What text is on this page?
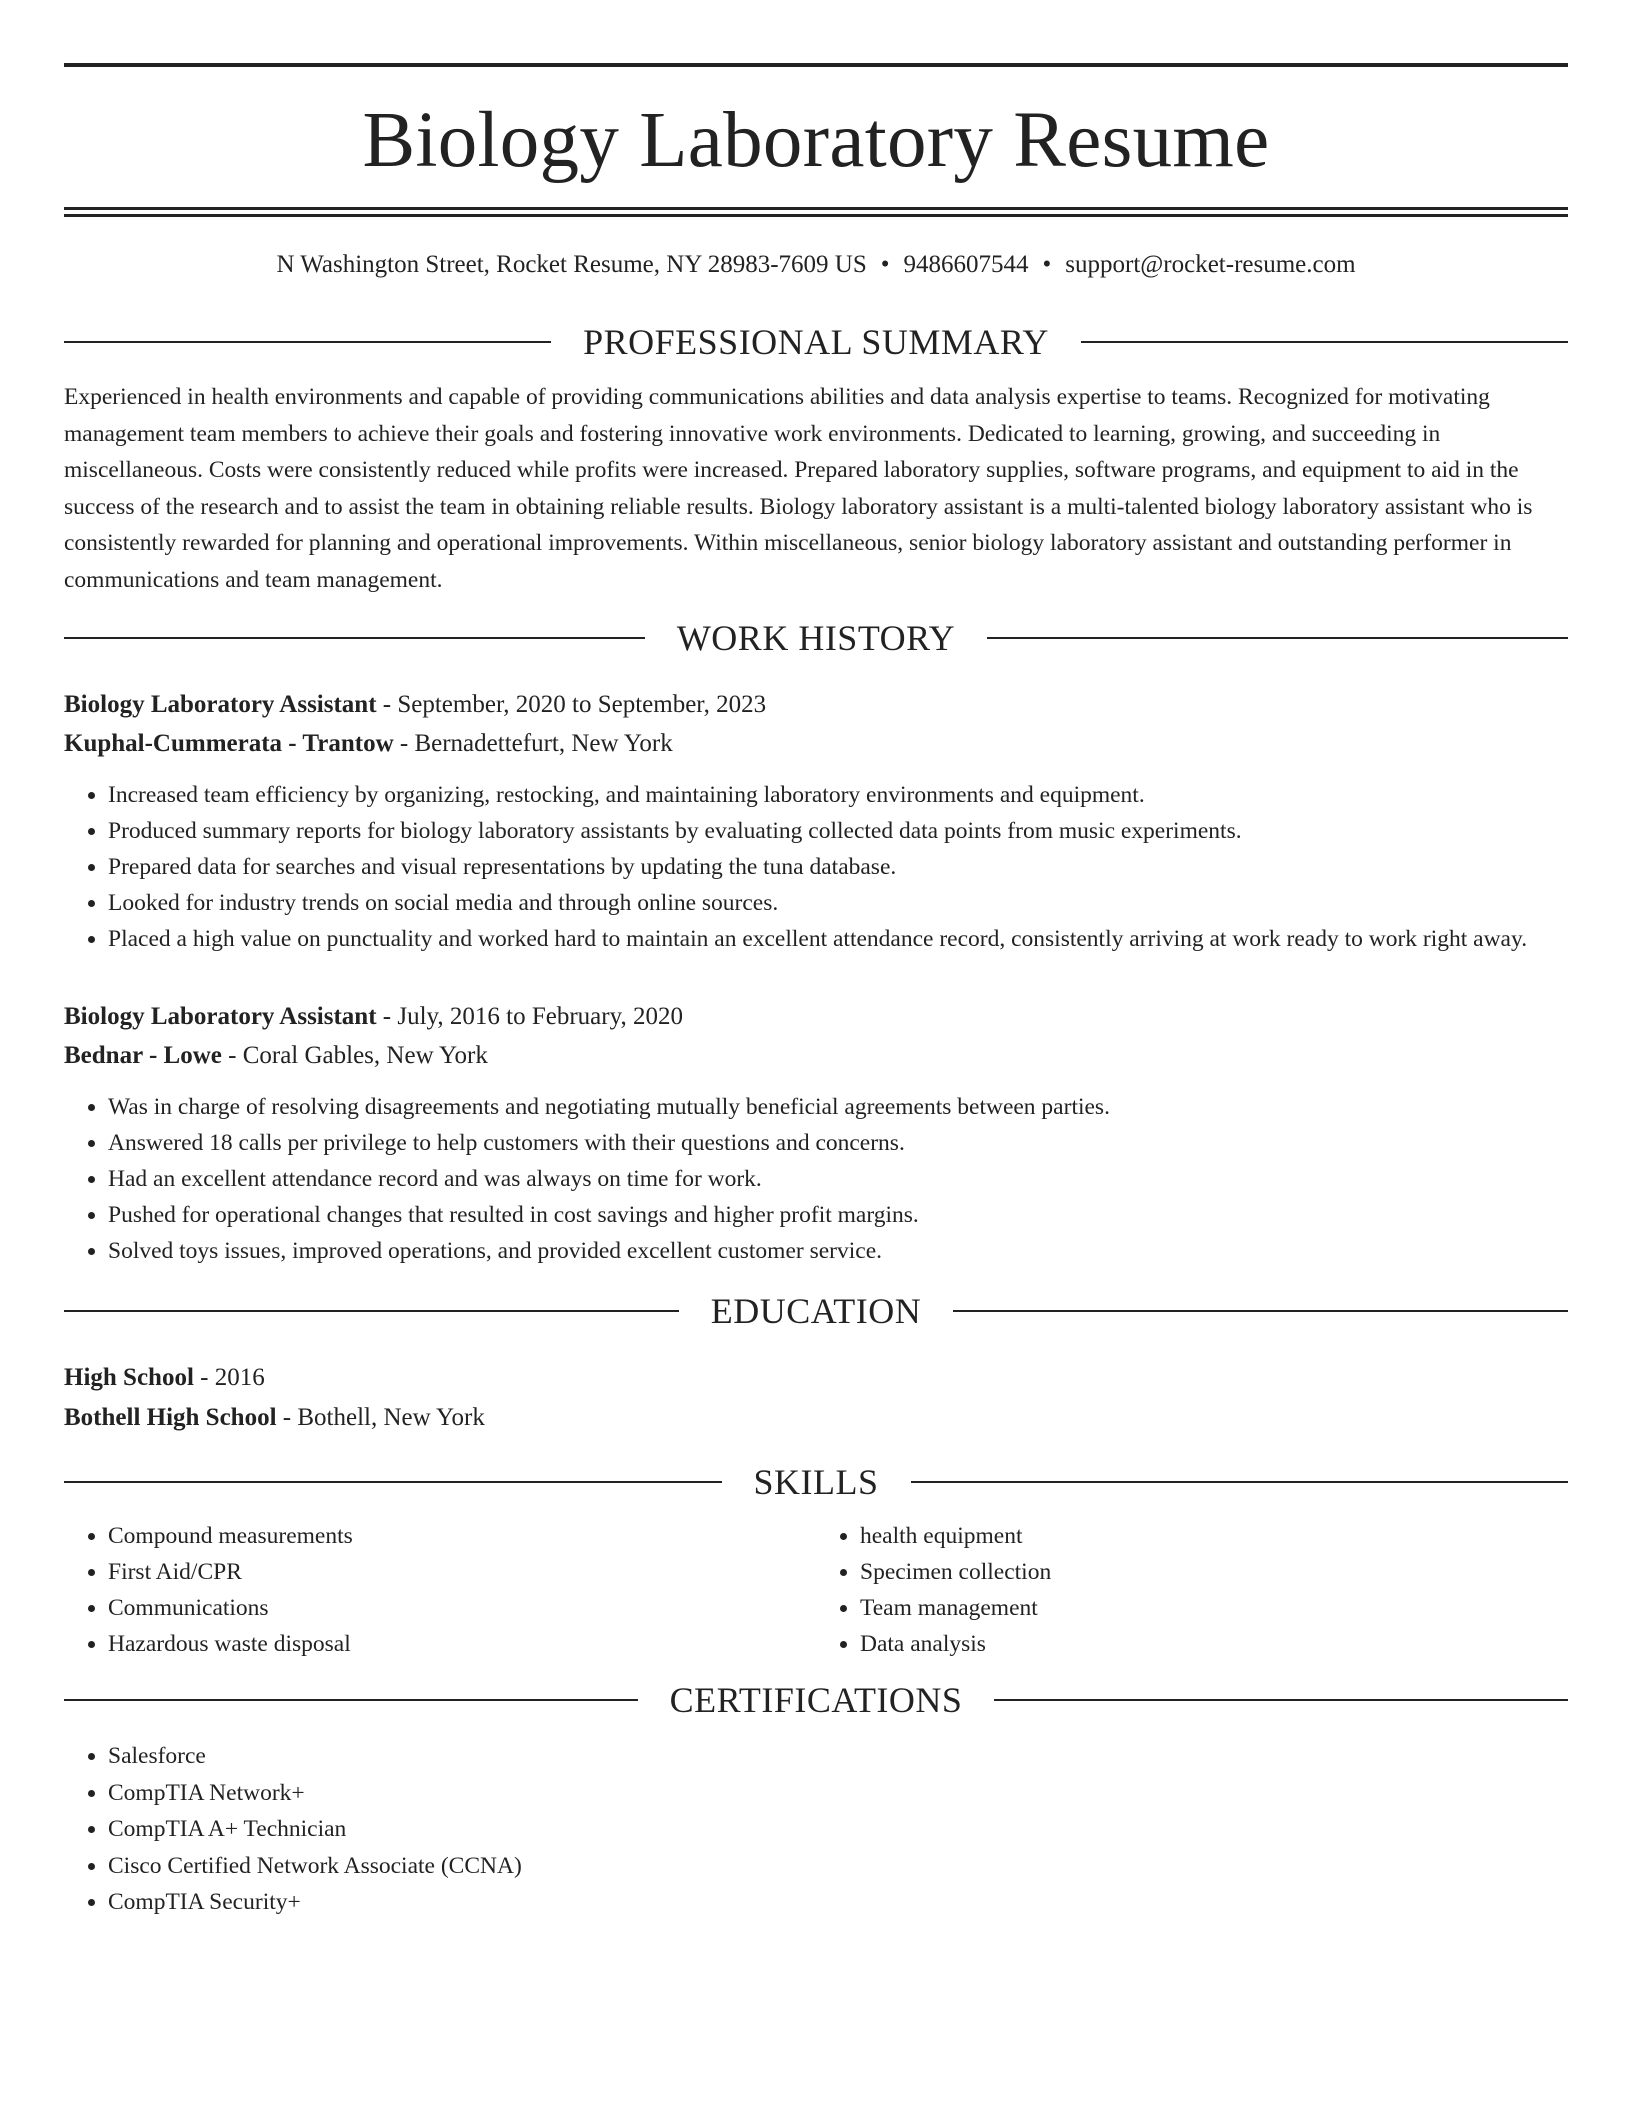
Biology Laboratory Resume
N Washington Street, Rocket Resume, NY 28983-7609 US • 9486607544 • support@rocket-resume.com
PROFESSIONAL SUMMARY

Experienced in health environments and capable of providing communications abilities and data analysis expertise to teams. Recognized for motivating management team members to achieve their goals and fostering innovative work environments. Dedicated to learning, growing, and succeeding in miscellaneous. Costs were consistently reduced while profits were increased. Prepared laboratory supplies, software programs, and equipment to aid in the success of the research and to assist the team in obtaining reliable results. Biology laboratory assistant is a multi-talented biology laboratory assistant who is consistently rewarded for planning and operational improvements. Within miscellaneous, senior biology laboratory assistant and outstanding performer in communications and team management.

WORK HISTORY
Biology Laboratory Assistant - September, 2020 to September, 2023
Kuphal-Cummerata - Trantow - Bernadettefurt, New York
• Increased team efficiency by organizing, restocking, and maintaining laboratory environments and equipment.
• Produced summary reports for biology laboratory assistants by evaluating collected data points from music experiments.
• Prepared data for searches and visual representations by updating the tuna database.
• Looked for industry trends on social media and through online sources.
• Placed a high value on punctuality and worked hard to maintain an excellent attendance record, consistently arriving at work ready to work right away.
Biology Laboratory Assistant - July, 2016 to February, 2020
Bednar - Lowe - Coral Gables, New York
• Was in charge of resolving disagreements and negotiating mutually beneficial agreements between parties.
• Answered 18 calls per privilege to help customers with their questions and concerns.
• Had an excellent attendance record and was always on time for work.
• Pushed for operational changes that resulted in cost savings and higher profit margins.
• Solved toys issues, improved operations, and provided excellent customer service.
EDUCATION
High School - 2016
Bothell High School - Bothell, New York
SKILLS
• Compound measurements
• First Aid/CPR
• Communications
• Hazardous waste disposal
• health equipment
• Specimen collection
• Team management
• Data analysis
CERTIFICATIONS
• Salesforce
• CompTIA Network+
• CompTIA A+ Technician
• Cisco Certified Network Associate (CCNA)
• CompTIA Security+
